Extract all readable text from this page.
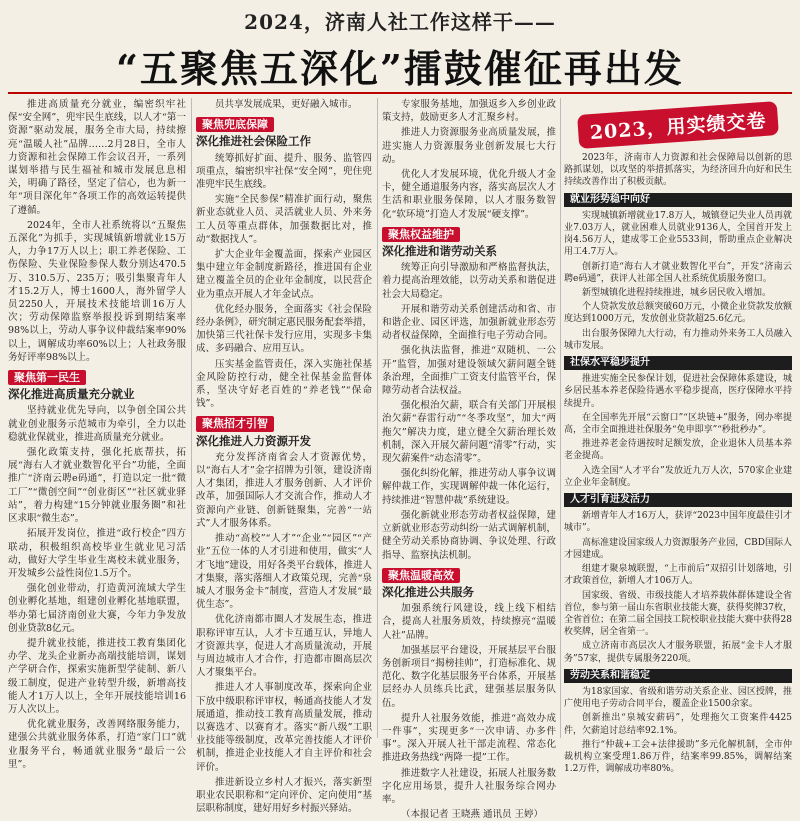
2024，济南人社工作这样干——
“五聚焦五深化”擂鼓催征再出发

推进高质量充分就业，编密织牢社保“安全网”，兜牢民生底线，以人才“第一资源”驱动发展，服务全市大局，持续擦亮“温暖人社”品牌……2月28日，全市人力资源和社会保障工作会议召开，一系列谋划举措与民生福祉和城市发展息息相关，明确了路径，坚定了信心，也为新一年“项目深化年”各项工作的高效运转提供了遵循。

2024年，全市人社系统将以“五聚焦五深化”为抓手，实现城镇新增就业15万人，力争17万人以上；职工养老保险、工伤保险、失业保险参保人数分别达470.5万、310.5万、235万；吸引集聚青年人才15.2万人，博士1600人，海外留学人员2250人，开展技术技能培训16万人次；劳动保障监察举报投诉到期结案率98%以上，劳动人事争议仲裁结案率90%以上，调解成功率60%以上；人社政务服务好评率98%以上。

聚焦第一民生
深化推进高质量充分就业

坚持就业优先导向，以争创全国公共就业创业服务示范城市为牵引，全力以赴稳就业保就业，推进高质量充分就业。

强化政策支持，强化托底帮扶，拓展“海右人才就业数智化平台”功能，全面推广“济南云聘e码通”，打造以定一批“微工厂”“微创空间”“创业街区”“社区就业驿站”，着力构建“15分钟就业服务圈”和社区求职“微生态”。

拓展开发岗位，推进“政行校企”四方联动，积极组织高校毕业生就业见习活动，做好大学生毕业生离校未就业服务，开发城乡公益性岗位1.5万个。

强化创业带动，打造黄河流域大学生创业孵化基地，组建创业孵化基地联盟，举办第七届济南创业大赛，今年力争发放创业贷款8亿元。

提升就业技能，推进技工教育集团化办学、龙头企业新办高端技能培训，谋划产学研合作，探索实施新型学徒制、新八级工制度，促进产业转型升级，新增高技能人才1万人以上，全年开展技能培训16万人次以上。

优化就业服务，改善网络服务能力，建强公共就业服务体系，打造“家门口”就业服务平台，畅通就业服务“最后一公里”。

员共享发展成果，更好融入城市。

聚焦兜底保障
深化推进社会保险工作

统筹抓好扩面、提升、服务、监管四项重点，编密织牢社保“安全网”，兜住兜准兜牢民生底线。

实施“全民参保”精准扩面行动，聚焦新业态就业人员、灵活就业人员、外来务工人员等重点群体，加强数据比对，推动“数据找人”。

扩大企业年金覆盖面，探索产业园区集中建立年金制度新路径，推进国有企业建立覆盖全员的企业年金制度，以民营企业为重点开展人才年金试点。

优化经办服务，全面落实《社会保险经办条例》，研究制定惠民服务配套举措，加快第三代社保卡发行应用，实现多卡集成、多码融合、应用互认。

压实基金监管责任，深入实施社保基金风险防控行动，健全社保基金监督体系，坚决守好老百姓的“养老钱”“保命钱”。

聚焦招才引智
深化推进人力资源开发

充分发挥济南省会人才资源优势，以“海右人才”金字招牌为引领，建设济南人才集团，推进人才服务创新、人才评价改革，加强国际人才交流合作，推动人才资源向产业链、创新链聚集，完善“一站式”人才服务体系。

推动“高校”“人才”“企业”“园区”“产业”五位一体的人才引进和使用，做实“人才飞地”建设，用好各类平台载体，推进人才集聚，落实落细人才政策兑现，完善“泉城人才服务金卡”制度，营造人才发展“最优生态”。

优化济南都市圈人才发展生态，推进职称评审互认，人才卡互通互认，异地人才资源共享，促进人才高质量流动，开展与周边城市人才合作，打造都市圈高层次人才聚集平台。

推进人才人事制度改革，探索向企业下放中级职称评审权，畅通高技能人才发展通道，推动技工教育高质量发展，推动以赛选才、以赛育才。落实“新八级”工职业技能等级制度，改革完善技能人才评价机制，推进企业技能人才自主评价和社会评价。

推进新设立乡村人才振兴，落实新型职业农民职称和“定向评价、定向使用”基层职称制度，建好用好乡村振兴驿站。

专家服务基地，加强返乡入乡创业政策支持，鼓励更多人才汇聚乡村。

推进人力资源服务业高质量发展，推进实施人力资源服务业创新发展七大行动。

优化人才发展环境，优化升级人才金卡，健全通道服务内容，落实高层次人才生活和职业服务保障，以人才服务数智化“软环境”打造人才发展“硬支撑”。

聚焦权益维护
深化推进和谐劳动关系

统筹正向引导激励和严格监督执法，着力提高治理效能，以劳动关系和谐促进社会大局稳定。

开展和谐劳动关系创建活动和省、市和谐企业、园区评选，加强新就业形态劳动者权益保障，全面推行电子劳动合同。

强化执法监督，推进“双随机、一公开”监管，加强对建设领域欠薪问题全链条治理，全面推广工资支付监管平台，保障劳动者合法权益。

强化根治欠薪，联合有关部门开展根治欠薪“春雷行动”“冬季攻坚”，加大“两拖欠”解决力度，建立健全欠薪治理长效机制，深入开展欠薪问题“清零”行动，实现欠薪案件“动态清零”。

强化纠纷化解，推进劳动人事争议调解仲裁工作，实现调解仲裁一体化运行，持续推进“智慧仲裁”系统建设。

强化新就业形态劳动者权益保障，建立新就业形态劳动纠纷一站式调解机制，健全劳动关系协商协调、争议处理、行政指导、监察执法机制。

聚焦温暖高效
深化推进公共服务

加强系统行风建设，线上线下相结合，提高人社服务质效，持续擦亮“温暖人社”品牌。

加强基层平台建设，开展基层平台服务创新项目“揭榜挂帅”，打造标准化、规范化、数字化基层服务平台体系，开展基层经办人员练兵比武，建强基层服务队伍。

提升人社服务效能，推进“高效办成一件事”，实现更多“一次申请、办多件事”。深入开展人社干部走流程、常态化推进政务热线“两降一提”工作。

推进数字人社建设，拓展人社服务数字化应用场景，提升人社服务综合网办率。

（本报记者 王晓燕 通讯员 王婷）

2023，用实绩交卷

2023年，济南市人力资源和社会保障局以创新的思路抓谋划，以攻坚的举措抓落实，为经济回升向好和民生持续改善作出了积极贡献。

就业形势稳中向好

实现城镇新增就业17.8万人，城镇登记失业人员再就业7.03万人，就业困难人员就业9136人，全国首开发上岗4.56万人，建成零工企业5533间，帮助重点企业解决用工4.7万人。

创新打造“海右人才就业数智化平台”，开发“济南云聘e码通”，获评人社部全国人社系统优质服务窗口。

新型城镇化进程持续推进，城乡居民收入增加。

个人贷款发放总额突破60万元，小微企业贷款发放额度达到1000万元，发放创业贷款超25.6亿元。

出台服务保障九大行动，有力推动外来务工人员融入城市发展。

社保水平稳步提升

推进实施全民参保计划，促进社会保障体系建设，城乡居民基本养老保险待遇水平稳步提高，医疗保障水平持续提升。

在全国率先开展“云窗口”“区块链+”服务，网办率提高，全市全面推进社保服务“免申即享”“秒批秒办”。

推进养老金待遇按时足额发放，企业退休人员基本养老金提高。

入选全国“人才平台”发放近九万人次，570家企业建立企业年金制度。

人才引育进发活力

新增青年人才16万人，获评“2023中国年度最佳引才城市”。

高标准建设国家级人力资源服务产业园，CBD国际人才园建成。

组建才聚泉城联盟，“上市前后”双招引计划落地，引才政策首位，新增人才106万人。

国家级、省级、市级技能人才培养载体群体建设全省首位，参与第一届山东省职业技能大赛，获得奖牌37枚，全省首位；在第二届全国技工院校职业技能大赛中获得28枚奖牌，居全省第一。

成立济南市高层次人才服务联盟，拓展“金卡人才服务”57家，提供专属服务220项。

劳动关系和谐稳定

为18家国家、省级和谐劳动关系企业、园区授牌，推广使用电子劳动合同平台，覆盖企业1500余家。

创新推出“泉城安薪码”，处理拖欠工资案件4425件，欠薪追讨总结率92.1%。

推行“仲裁+工会+法律援助”多元化解机制，全市仲裁机构立案受理1.86万件，结案率99.85%，调解结案1.2万件，调解成功率80%。
